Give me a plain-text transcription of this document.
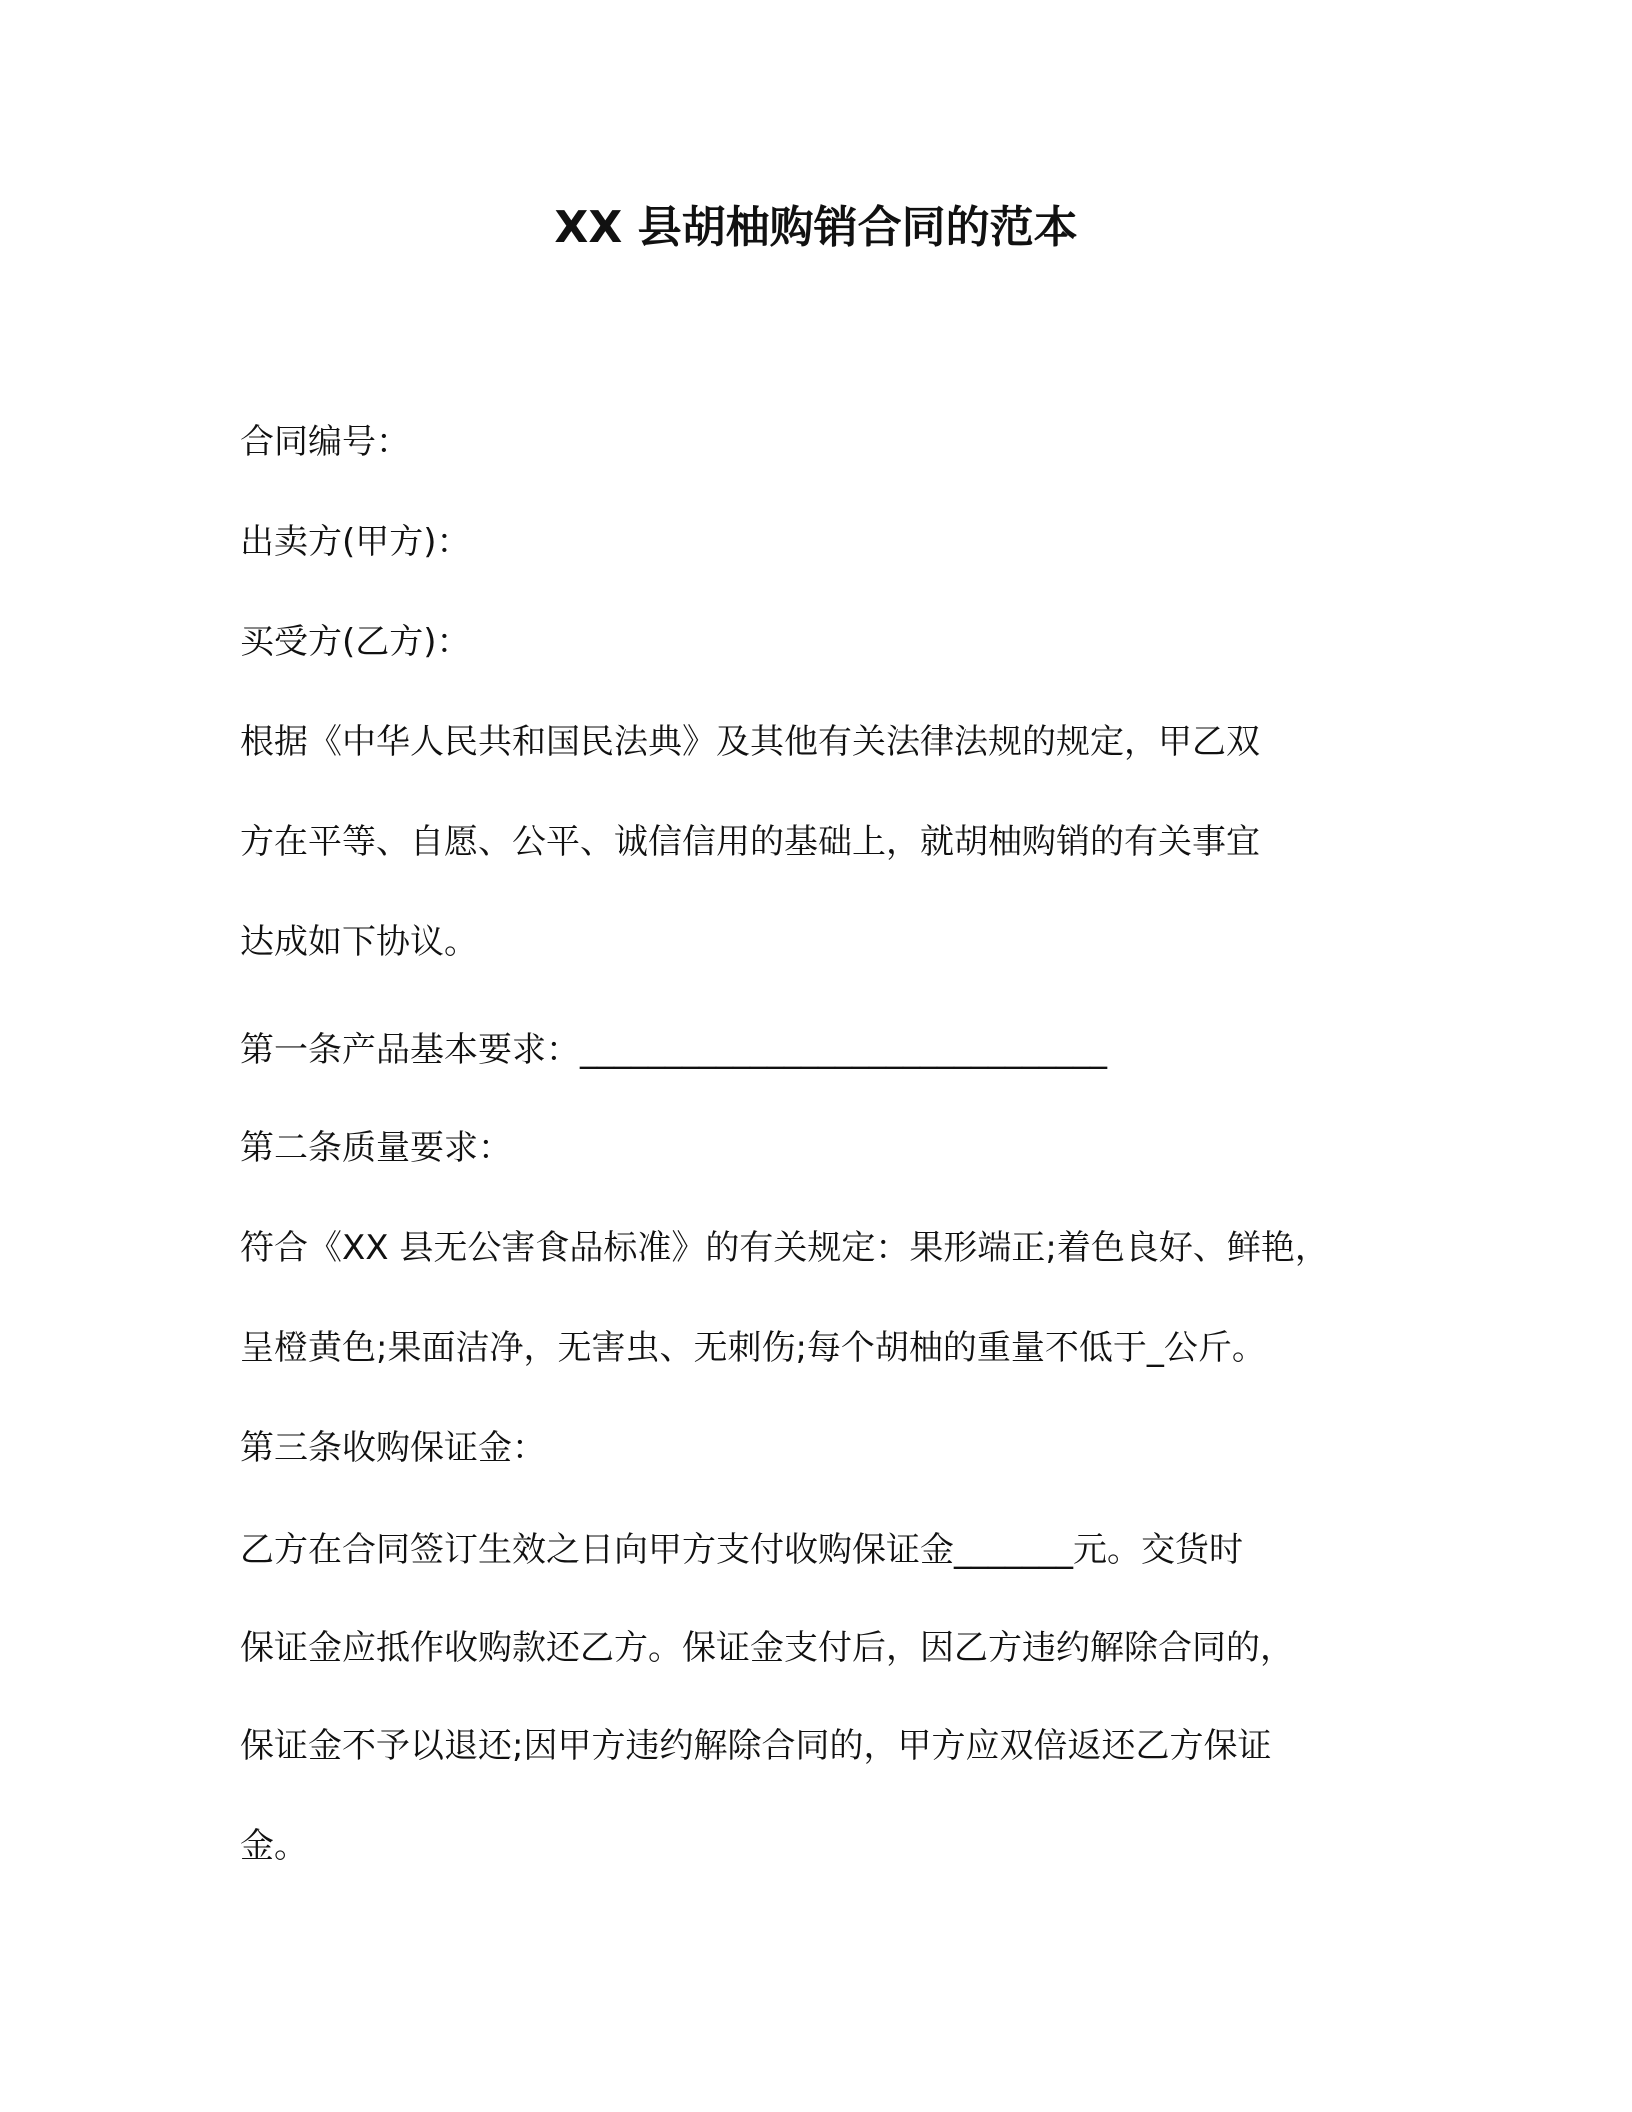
XX 县胡柚购销合同的范本

合同编号：

出卖方(甲方)：

买受方(乙方)：

根据《中华人民共和国民法典》及其他有关法律法规的规定，甲乙双

方在平等、自愿、公平、诚信信用的基础上，就胡柚购销的有关事宜

达成如下协议。

第一条产品基本要求：_______________________________

第二条质量要求：

符合《XX 县无公害食品标准》的有关规定：果形端正;着色良好、鲜艳，

呈橙黄色;果面洁净，无害虫、无刺伤;每个胡柚的重量不低于_公斤。

第三条收购保证金：

乙方在合同签订生效之日向甲方支付收购保证金_______元。交货时

保证金应抵作收购款还乙方。保证金支付后，因乙方违约解除合同的，

保证金不予以退还;因甲方违约解除合同的，甲方应双倍返还乙方保证

金。
